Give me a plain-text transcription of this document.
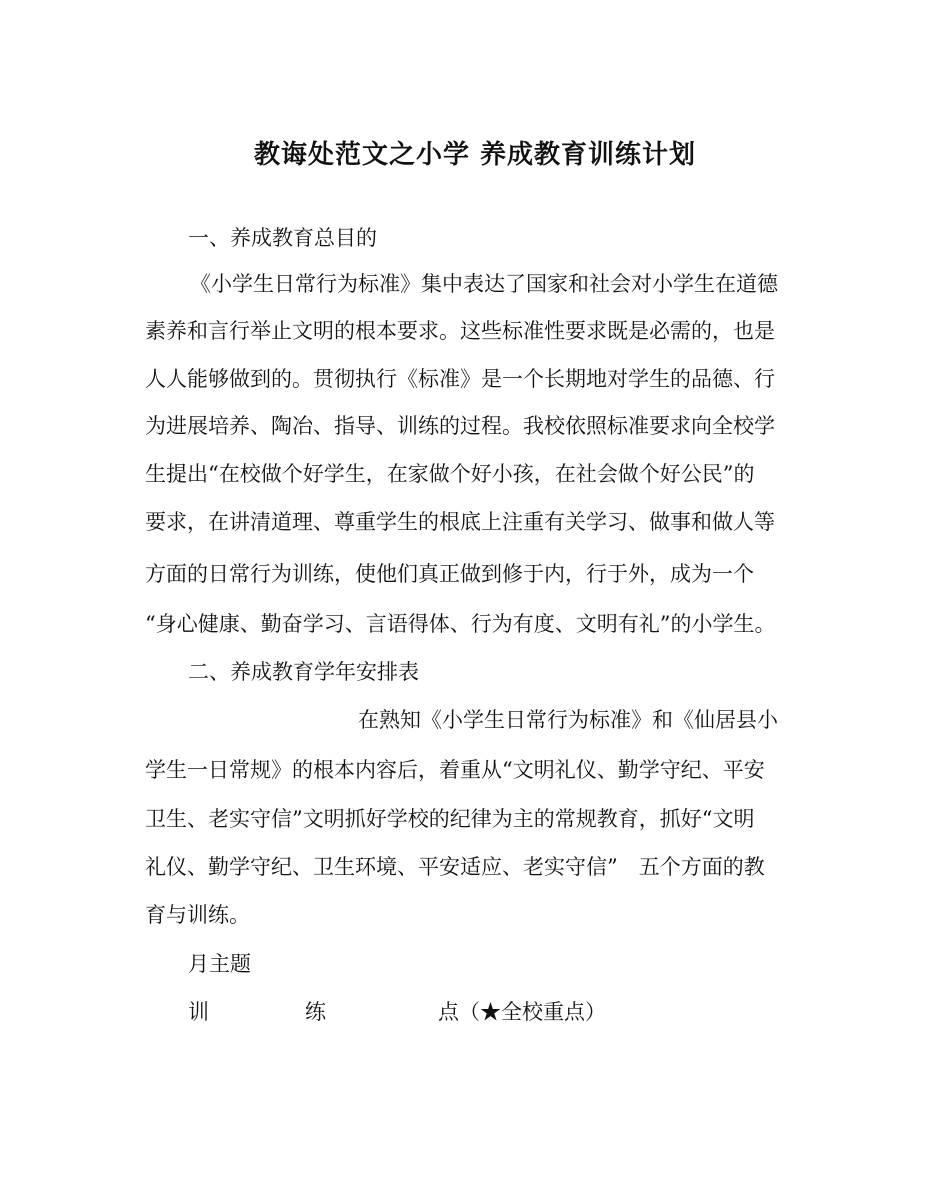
教诲处范文之小学 养成教育训练计划
一、养成教育总目的
《小学生日常行为标准》集中表达了国家和社会对小学生在道德
素养和言行举止文明的根本要求。这些标准性要求既是必需的，也是
人人能够做到的。贯彻执行《标准》是一个长期地对学生的品德、行
为进展培养、陶冶、指导、训练的过程。我校依照标准要求向全校学
生提出“在校做个好学生，在家做个好小孩，在社会做个好公民”的
要求，在讲清道理、尊重学生的根底上注重有关学习、做事和做人等
方面的日常行为训练，使他们真正做到修于内，行于外，成为一个
“身心健康、勤奋学习、言语得体、行为有度、文明有礼”的小学生。
二、养成教育学年安排表
在熟知《小学生日常行为标准》和《仙居县小
学生一日常规》的根本内容后，着重从“文明礼仪、勤学守纪、平安
卫生、老实守信”文明抓好学校的纪律为主的常规教育，抓好“文明
礼仪、勤学守纪、卫生环境、平安适应、老实守信”　五个方面的教
育与训练。
月主题
训	练	点（★全校重点）
